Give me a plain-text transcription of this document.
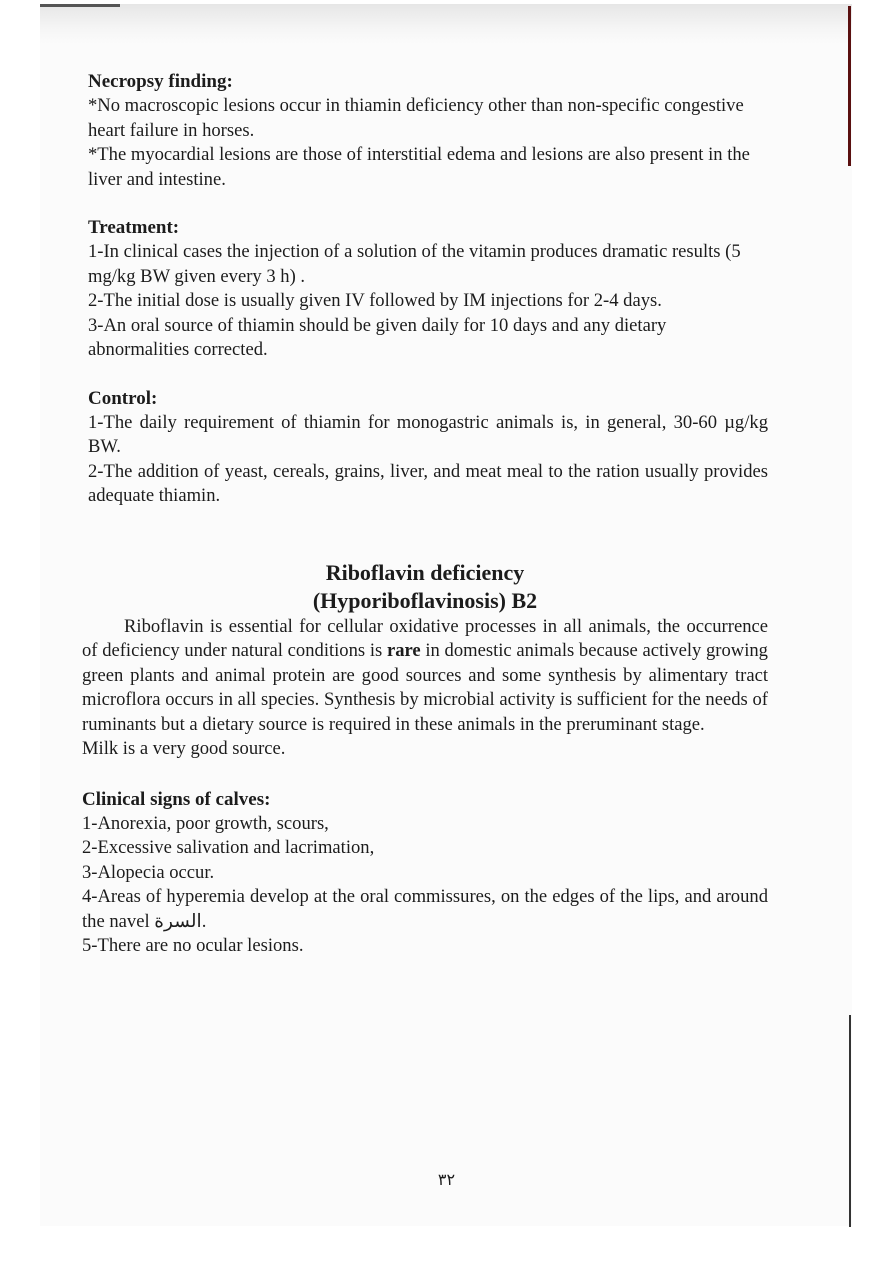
Necropsy finding:

*No macroscopic lesions occur in thiamin deficiency other than non-specific congestive heart failure in horses.

*The myocardial lesions are those of interstitial edema and lesions are also present in the liver and intestine.

Treatment:

1-In clinical cases the injection of a solution of the vitamin produces dramatic results (5 mg/kg BW given every 3 h) .

2-The initial dose is usually given IV followed by IM injections for 2-4 days.

3-An oral source of thiamin should be given daily for 10 days and any dietary abnormalities corrected.

Control:

1-The daily requirement of thiamin for monogastric animals is, in general, 30-60 µg/kg BW.

2-The addition of yeast, cereals, grains, liver, and meat meal to the ration usually provides adequate thiamin.

Riboflavin deficiency

(Hyporiboflavinosis) B2

Riboflavin is essential for cellular oxidative processes in all animals, the occurrence of deficiency under natural conditions is rare in domestic animals because actively growing green plants and animal protein are good sources and some synthesis by alimentary tract microflora occurs in all species. Synthesis by microbial activity is sufficient for the needs of ruminants but a dietary source is required in these animals in the preruminant stage.

Milk is a very good source.

Clinical signs of calves:

1-Anorexia, poor growth, scours,

2-Excessive salivation and lacrimation,

3-Alopecia occur.

4-Areas of hyperemia develop at the oral commissures, on the edges of the lips, and around the navel السرة.

5-There are no ocular lesions.

٣٢
